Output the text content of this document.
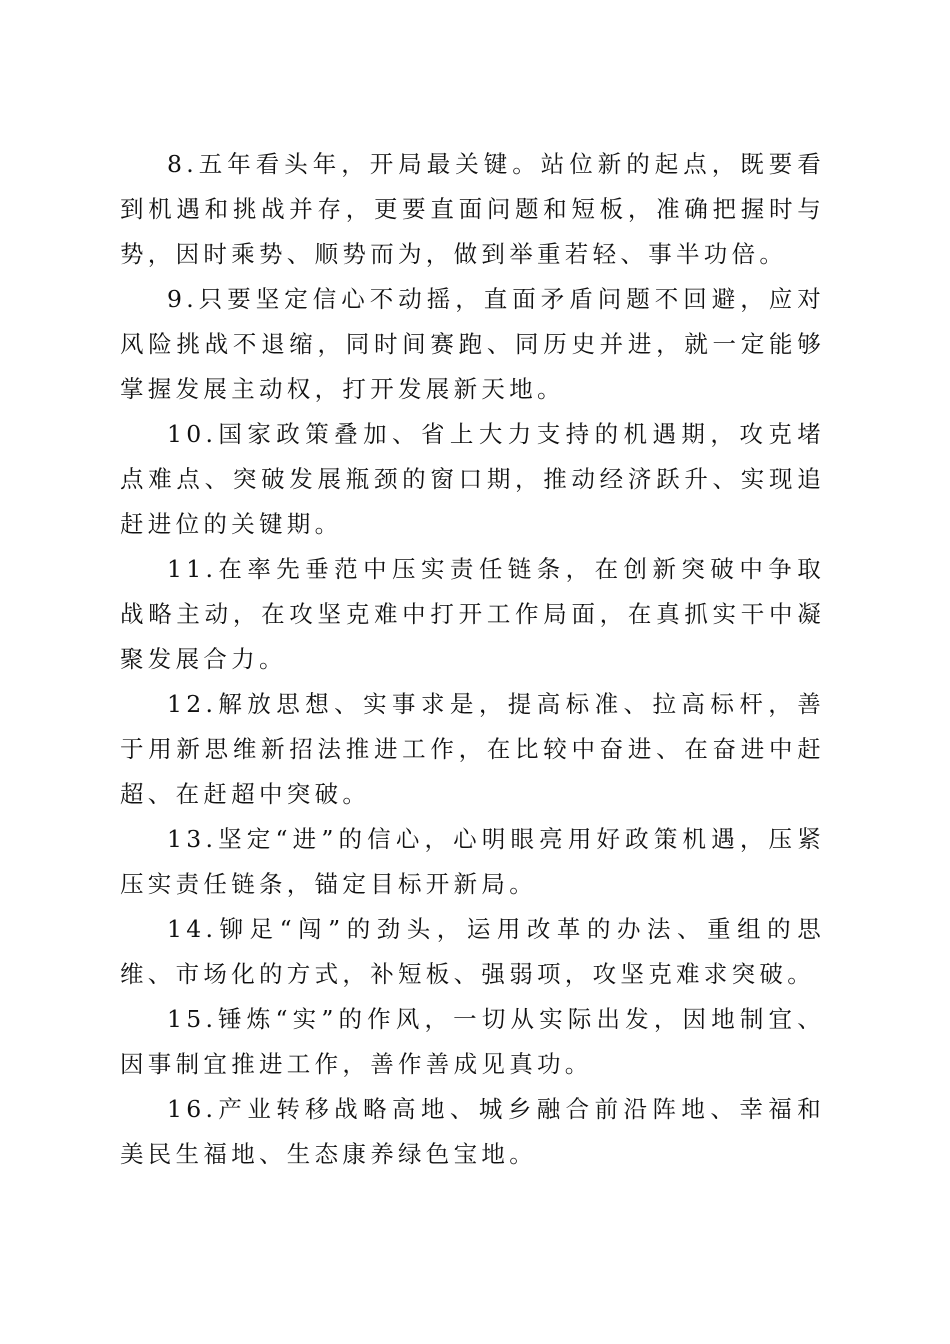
8.五年看头年，开局最关键。站位新的起点，既要看到机遇和挑战并存，更要直面问题和短板，准确把握时与势，因时乘势、顺势而为，做到举重若轻、事半功倍。

9.只要坚定信心不动摇，直面矛盾问题不回避，应对风险挑战不退缩，同时间赛跑、同历史并进，就一定能够掌握发展主动权，打开发展新天地。

10.国家政策叠加、省上大力支持的机遇期，攻克堵点难点、突破发展瓶颈的窗口期，推动经济跃升、实现追赶进位的关键期。

11.在率先垂范中压实责任链条，在创新突破中争取战略主动，在攻坚克难中打开工作局面，在真抓实干中凝聚发展合力。

12.解放思想、实事求是，提高标准、拉高标杆，善于用新思维新招法推进工作，在比较中奋进、在奋进中赶超、在赶超中突破。

13.坚定“进”的信心，心明眼亮用好政策机遇，压紧压实责任链条，锚定目标开新局。

14.铆足“闯”的劲头，运用改革的办法、重组的思维、市场化的方式，补短板、强弱项，攻坚克难求突破。

15.锤炼“实”的作风，一切从实际出发，因地制宜、因事制宜推进工作，善作善成见真功。

16.产业转移战略高地、城乡融合前沿阵地、幸福和美民生福地、生态康养绿色宝地。
